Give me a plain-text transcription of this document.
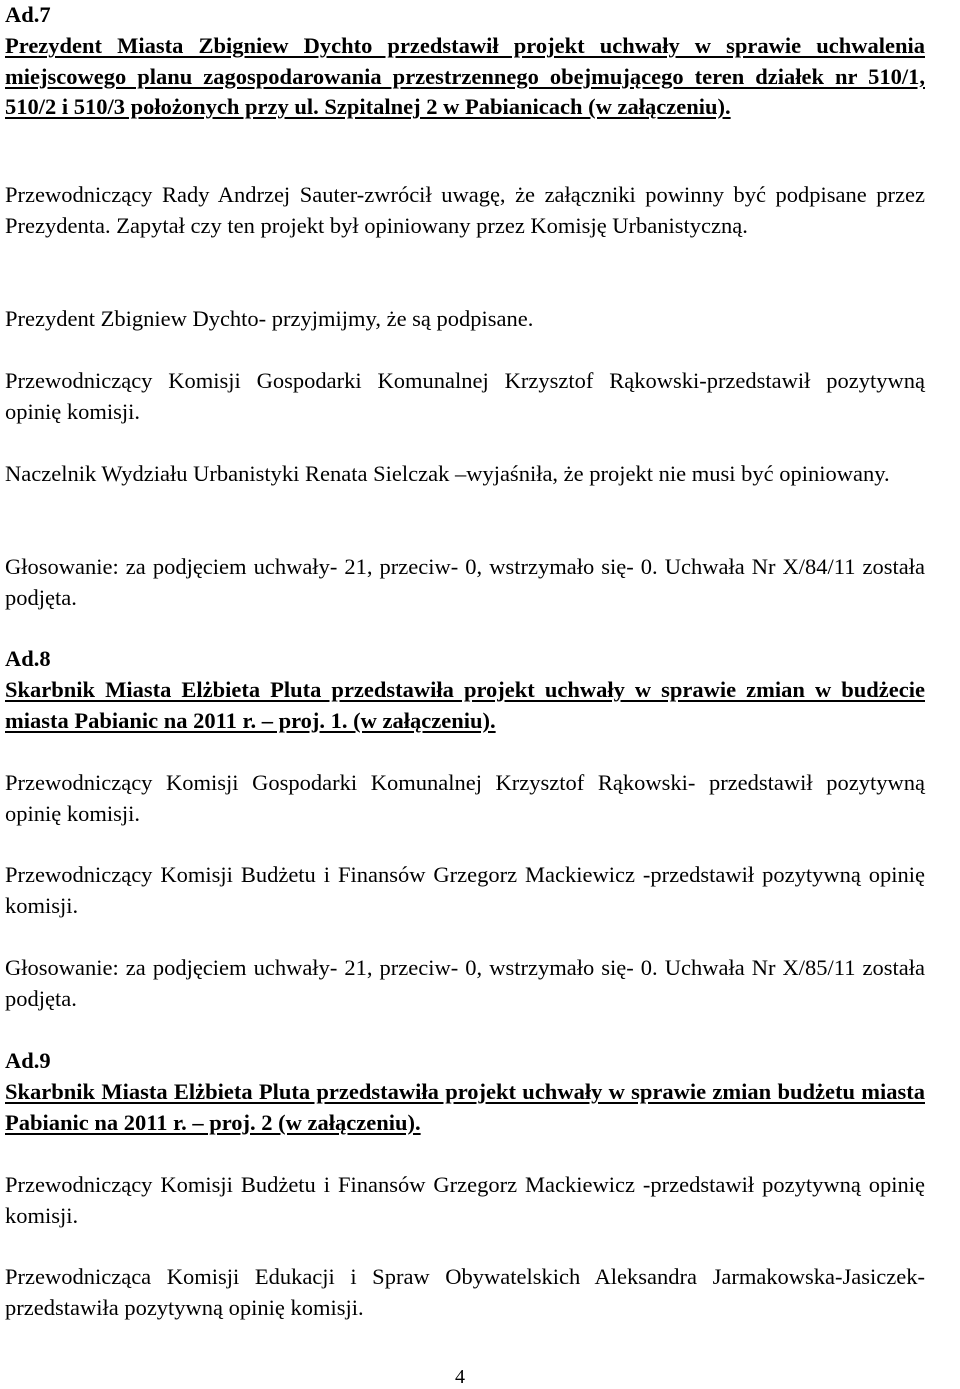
Ad.7

Prezydent Miasta Zbigniew Dychto przedstawił projekt uchwały w sprawie uchwalenia miejscowego planu zagospodarowania przestrzennego obejmującego teren działek nr 510/1, 510/2 i 510/3 położonych przy ul. Szpitalnej 2 w Pabianicach (w załączeniu).

Przewodniczący Rady Andrzej Sauter-zwrócił uwagę, że załączniki powinny być podpisane przez Prezydenta. Zapytał czy ten projekt był opiniowany przez Komisję Urbanistyczną.

Prezydent Zbigniew Dychto- przyjmijmy, że są podpisane.

Przewodniczący Komisji Gospodarki Komunalnej Krzysztof Rąkowski-przedstawił pozytywną opinię komisji.

Naczelnik Wydziału Urbanistyki Renata Sielczak –wyjaśniła, że projekt nie musi być opiniowany.

Głosowanie: za podjęciem uchwały- 21, przeciw- 0, wstrzymało się- 0. Uchwała Nr X/84/11 została podjęta.

Ad.8

Skarbnik Miasta Elżbieta Pluta przedstawiła projekt uchwały w sprawie zmian w budżecie miasta Pabianic na 2011 r. – proj. 1. (w załączeniu).

Przewodniczący Komisji Gospodarki Komunalnej Krzysztof Rąkowski- przedstawił pozytywną opinię komisji.

Przewodniczący Komisji Budżetu i Finansów Grzegorz Mackiewicz -przedstawił pozytywną opinię komisji.

Głosowanie: za podjęciem uchwały- 21, przeciw- 0, wstrzymało się- 0. Uchwała Nr X/85/11 została podjęta.

Ad.9

Skarbnik Miasta Elżbieta Pluta przedstawiła projekt uchwały w sprawie zmian budżetu miasta Pabianic na 2011 r. – proj. 2 (w załączeniu).

Przewodniczący Komisji Budżetu i Finansów Grzegorz Mackiewicz -przedstawił pozytywną opinię komisji.

Przewodnicząca Komisji Edukacji i Spraw Obywatelskich Aleksandra Jarmakowska-Jasiczek-przedstawiła pozytywną opinię komisji.

4
